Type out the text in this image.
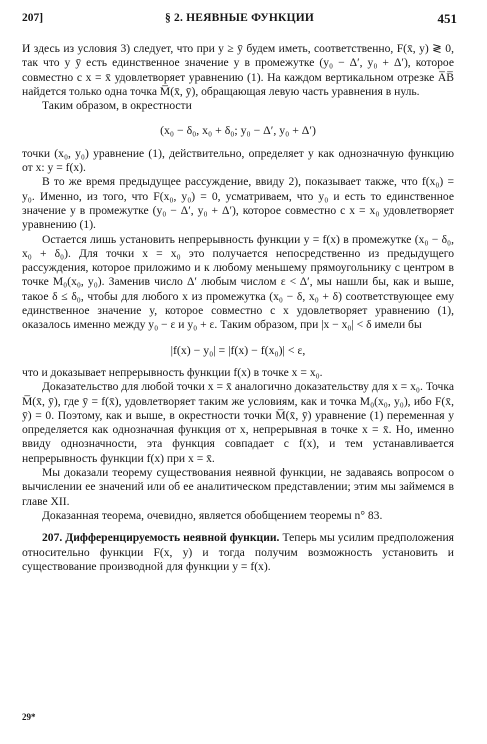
207]	§ 2. НЕЯВНЫЕ ФУНКЦИИ	451

И здесь из условия 3) следует, что при y ≥ ȳ будем иметь, соответственно, F(x̄, y) ≷ 0, так что у ȳ есть единственное значение y в промежутке (y₀ − Δ′, y₀ + Δ′), которое совместно с x = x̄ удовлетворяет уравнению (1). На каждом вертикальном отрезке A̅B̅ найдется только одна точка M̅(x̄, ȳ), обращающая левую часть уравнения в нуль.

Таким образом, в окрестности

(x₀ − δ₀, x₀ + δ₀; y₀ − Δ′, y₀ + Δ′)

точки (x₀, y₀) уравнение (1), действительно, определяет y как однозначную функцию от x: y = f(x).

В то же время предыдущее рассуждение, ввиду 2), показывает также, что f(x₀) = y₀. Именно, из того, что F(x₀, y₀) = 0, усматриваем, что y₀ и есть то единственное значение y в промежутке (y₀ − Δ′, y₀ + Δ′), которое совместно с x = x₀ удовлетворяет уравнению (1).

Остается лишь установить непрерывность функции y = f(x) в промежутке (x₀ − δ₀, x₀ + δ₀). Для точки x = x₀ это получается непосредственно из предыдущего рассуждения, которое приложимо и к любому меньшему прямоугольнику с центром в точке M₀(x₀, y₀). Заменив число Δ′ любым числом ε < Δ′, мы нашли бы, как и выше, такое δ ≤ δ₀, чтобы для любого x из промежутка (x₀ − δ, x₀ + δ) соответствующее ему единственное значение y, которое совместно с x удовлетворяет уравнению (1), оказалось именно между y₀ − ε и y₀ + ε. Таким образом, при |x − x₀| < δ имели бы

|f(x) − y₀| = |f(x) − f(x₀)| < ε,

что и доказывает непрерывность функции f(x) в точке x = x₀.

Доказательство для любой точки x = x̄ аналогично доказательству для x = x₀. Точка M̅(x̄, ȳ), где ȳ = f(x̄), удовлетворяет таким же условиям, как и точка M₀(x₀, y₀), ибо F(x̄, ȳ) = 0. Поэтому, как и выше, в окрестности точки M̅(x̄, ȳ) уравнение (1) переменная y определяется как однозначная функция от x, непрерывная в точке x = x̄. Но, именно ввиду однозначности, эта функция совпадает с f(x), и тем устанавливается непрерывность функции f(x) при x = x̄.

Мы доказали теорему существования неявной функции, не задаваясь вопросом о вычислении ее значений или об ее аналитическом представлении; этим мы займемся в главе XII.

Доказанная теорема, очевидно, является обобщением теоремы n° 83.

207. Дифференцируемость неявной функции. Теперь мы усилим предположения относительно функции F(x, y) и тогда получим возможность установить и существование производной для функции y = f(x).

29*
